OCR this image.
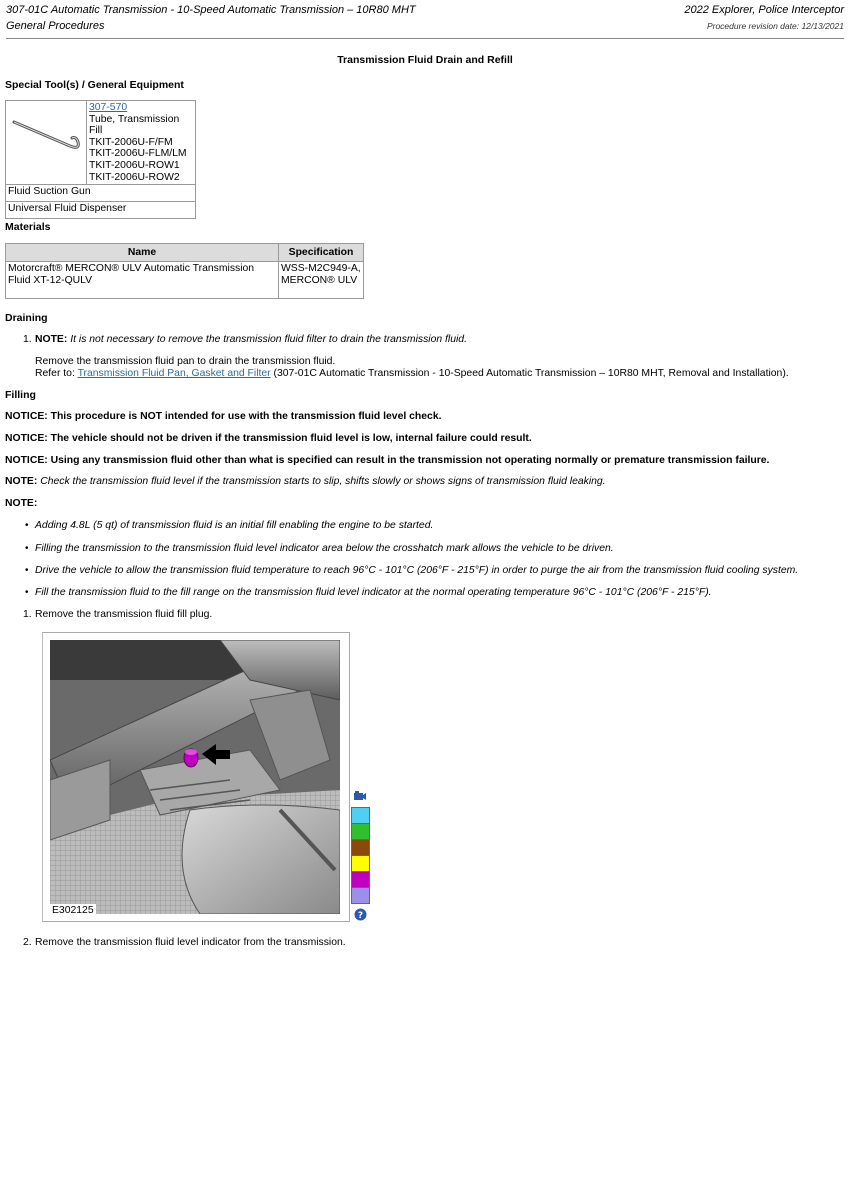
307-01C Automatic Transmission - 10-Speed Automatic Transmission – 10R80 MHT
General Procedures
2022 Explorer, Police Interceptor
Procedure revision date: 12/13/2021
Transmission Fluid Drain and Refill
Special Tool(s) / General Equipment

307-570
Tube, Transmission Fill
TKIT-2006U-F/FM
TKIT-2006U-FLM/LM
TKIT-2006U-ROW1
TKIT-2006U-ROW2

Fluid Suction Gun
Universal Fluid Dispenser
Materials
Name	Specification
Motorcraft® MERCON® ULV Automatic Transmission Fluid XT-12-QULV	WSS-M2C949-A, MERCON® ULV
Draining
1. NOTE: It is not necessary to remove the transmission fluid filter to drain the transmission fluid.
Remove the transmission fluid pan to drain the transmission fluid.
Refer to: Transmission Fluid Pan, Gasket and Filter (307-01C Automatic Transmission - 10-Speed Automatic Transmission – 10R80 MHT, Removal and Installation).
Filling
NOTICE: This procedure is NOT intended for use with the transmission fluid level check.
NOTICE: The vehicle should not be driven if the transmission fluid level is low, internal failure could result.
NOTICE: Using any transmission fluid other than what is specified can result in the transmission not operating normally or premature transmission failure.
NOTE: Check the transmission fluid level if the transmission starts to slip, shifts slowly or shows signs of transmission fluid leaking.
NOTE:
• Adding 4.8L (5 qt) of transmission fluid is an initial fill enabling the engine to be started.
• Filling the transmission to the transmission fluid level indicator area below the crosshatch mark allows the vehicle to be driven.
• Drive the vehicle to allow the transmission fluid temperature to reach 96°C - 101°C (206°F - 215°F) in order to purge the air from the transmission fluid cooling system.
• Fill the transmission fluid to the fill range on the transmission fluid level indicator at the normal operating temperature 96°C - 101°C (206°F - 215°F).
1. Remove the transmission fluid fill plug.
E302125	?
2. Remove the transmission fluid level indicator from the transmission.
